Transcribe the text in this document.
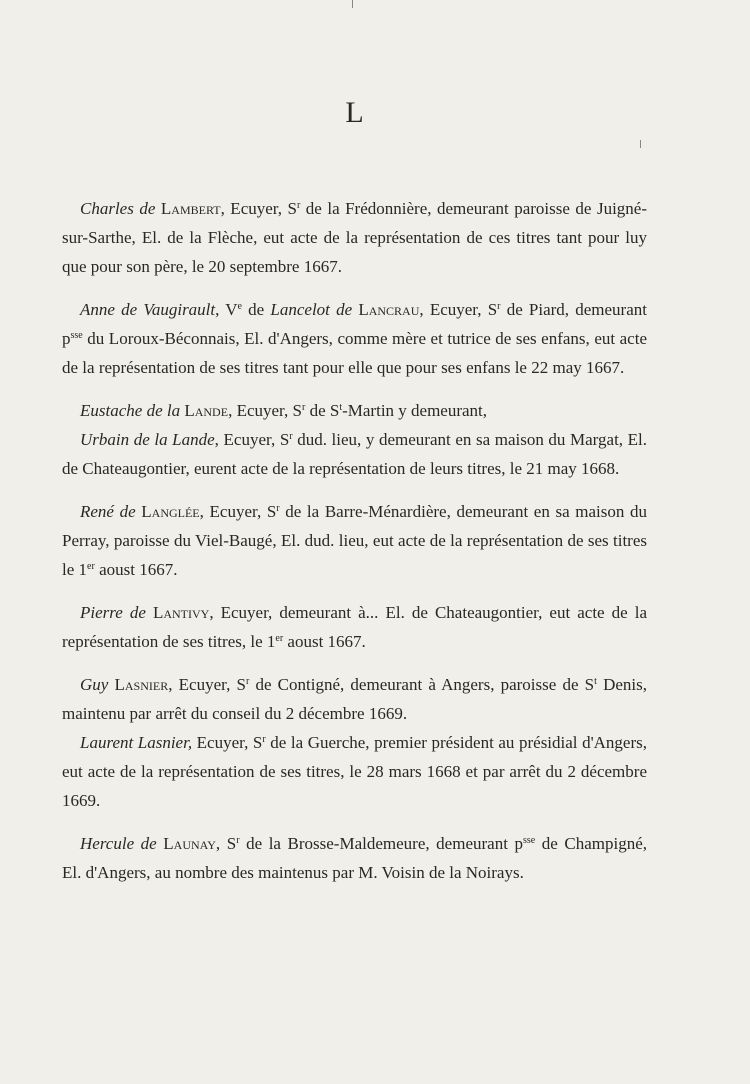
L

Charles de Lambert, Ecuyer, $S^r$ de la Frédonnière, demeurant paroisse de Juigné-sur-Sarthe, El. de la Flèche, eut acte de la représentation de ces titres tant pour luy que pour son père, le 20 septembre 1667.

Anne de Vaugirault, Ve de Lancelot de Lancrau, Ecuyer, $S^r$ de Piard, demeurant $p^{sse}$ du Loroux-Béconnais, El. d'Angers, comme mère et tutrice de ses enfans, eut acte de la représentation de ses titres tant pour elle que pour ses enfans le 22 may 1667.

Eustache de la Lande, Ecuyer, $S^r$ de $S^t$-Martin y demeurant,

Urbain de la Lande, Ecuyer, $S^r$ dud. lieu, y demeurant en sa maison du Margat, El. de Chateaugontier, eurent acte de la représentation de leurs titres, le 21 may 1668.

René de Langlée, Ecuyer, $S^r$ de la Barre-Ménardière, demeurant en sa maison du Perray, paroisse du Viel-Baugé, El. dud. lieu, eut acte de la représentation de ses titres le 1er aoust 1667.

Pierre de Lantivy, Ecuyer, demeurant à... El. de Chateaugontier, eut acte de la représentation de ses titres, le 1er aoust 1667.

Guy Lasnier, Ecuyer, $S^r$ de Contigné, demeurant à Angers, paroisse de $S^t$ Denis, maintenu par arrêt du conseil du 2 décembre 1669.

Laurent Lasnier, Ecuyer, $S^r$ de la Guerche, premier président au présidial d'Angers, eut acte de la représentation de ses titres, le 28 mars 1668 et par arrêt du 2 décembre 1669.

Hercule de Launay, $S^r$ de la Brosse-Maldemeure, demeurant $p^{sse}$ de Champigné, El. d'Angers, au nombre des maintenus par M. Voisin de la Noirays.
